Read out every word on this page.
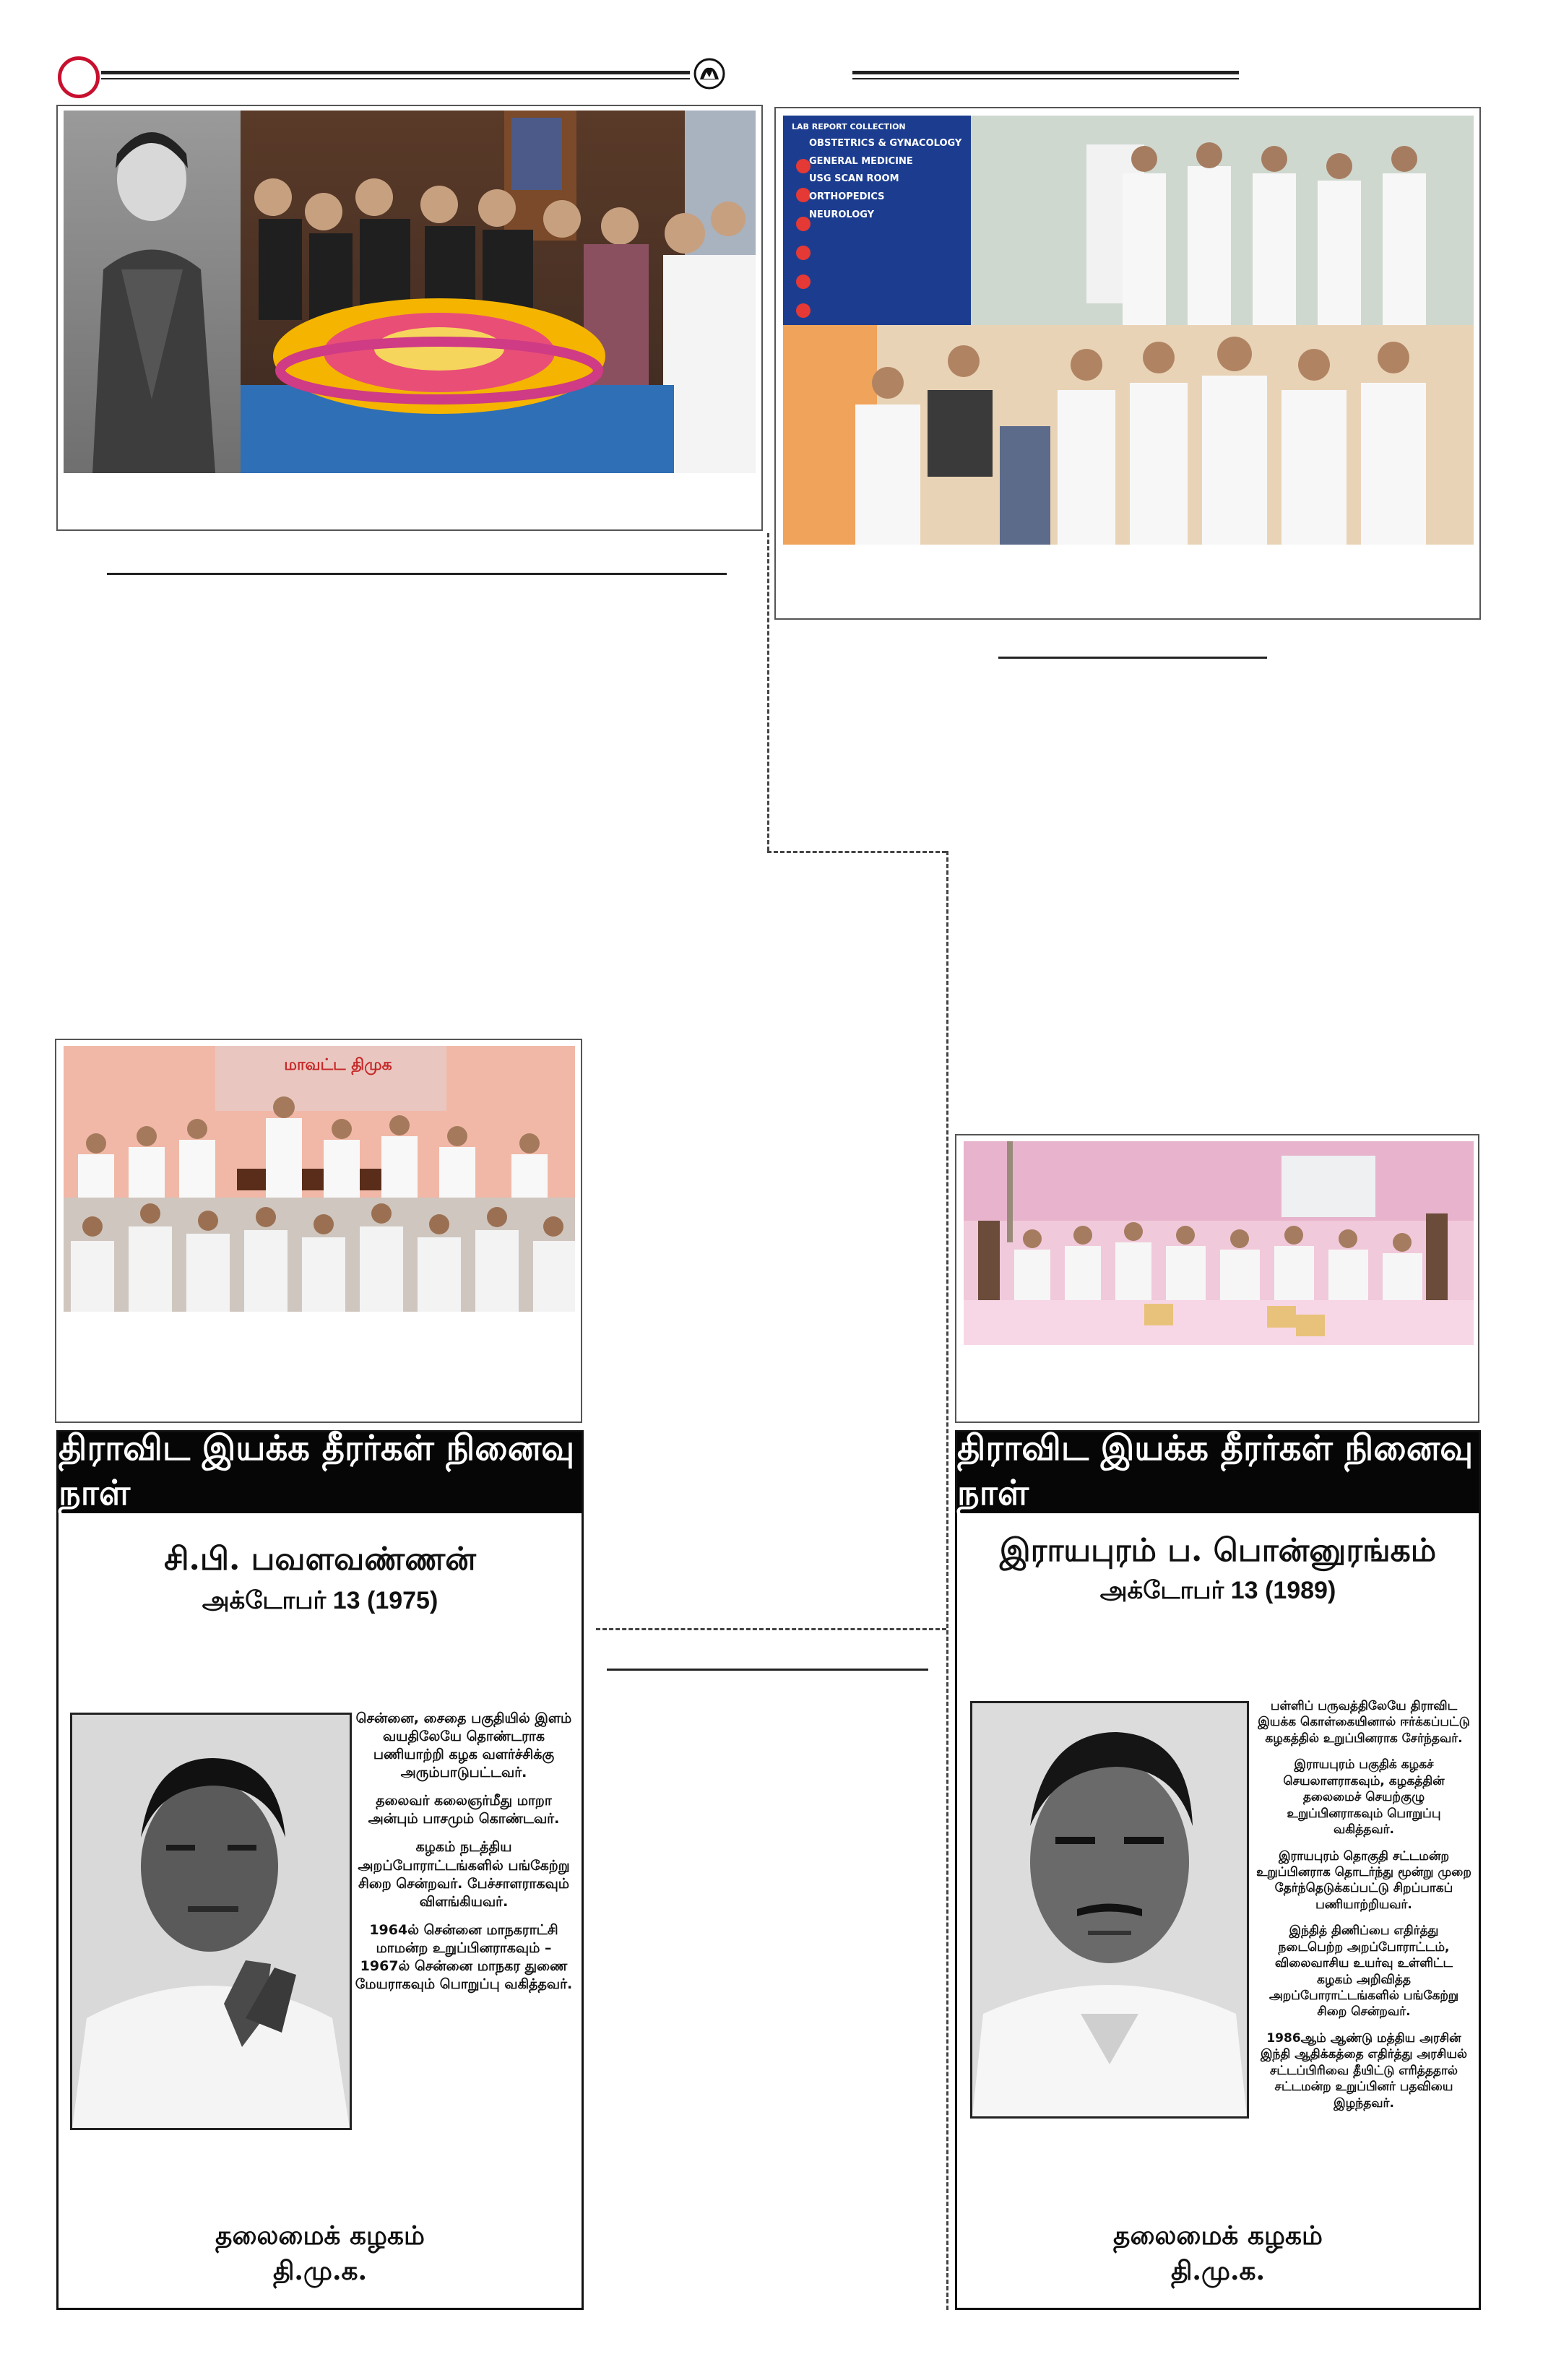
LAB REPORT COLLECTION
OBSTETRICS & GYNACOLOGY
GENERAL MEDICINE
USG SCAN ROOM
ORTHOPEDICS
NEUROLOGY
மாவட்ட திமுக
திராவிட இயக்க தீரர்கள் நினைவு நாள்
சி.பி. பவளவண்ணன்
அக்டோபர் 13 (1975)

சென்னை, சைதை பகுதியில் இளம் வயதிலேயே தொண்டராக பணியாற்றி கழக வளர்ச்சிக்கு அரும்பாடுபட்டவர்.

தலைவர் கலைஞர்மீது மாறா அன்பும் பாசமும் கொண்டவர்.

கழகம் நடத்திய அறப்போராட்டங்களில் பங்கேற்று சிறை சென்றவர். பேச்சாளராகவும் விளங்கியவர்.

1964ல் சென்னை மாநகராட்சி மாமன்ற உறுப்பினராகவும் – 1967ல் சென்னை மாநகர துணை மேயராகவும் பொறுப்பு வகித்தவர்.

தலைமைக் கழகம்
தி.மு.க.
திராவிட இயக்க தீரர்கள் நினைவு நாள்
இராயபுரம் ப. பொன்னுரங்கம்
அக்டோபர் 13 (1989)

பள்ளிப் பருவத்திலேயே திராவிட இயக்க கொள்கையினால் ஈர்க்கப்பட்டு கழகத்தில் உறுப்பினராக சேர்ந்தவர்.

இராயபுரம் பகுதிக் கழகச் செயலாளராகவும், கழகத்தின் தலைமைச் செயற்குழு உறுப்பினராகவும் பொறுப்பு வகித்தவர்.

இராயபுரம் தொகுதி சட்டமன்ற உறுப்பினராக தொடர்ந்து மூன்று முறை தேர்ந்தெடுக்கப்பட்டு சிறப்பாகப் பணியாற்றியவர்.

இந்தித் திணிப்பை எதிர்த்து நடைபெற்ற அறப்போராட்டம், விலைவாசிய உயர்வு உள்ளிட்ட கழகம் அறிவித்த அறப்போராட்டங்களில் பங்கேற்று சிறை சென்றவர்.

1986ஆம் ஆண்டு மத்திய அரசின் இந்தி ஆதிக்கத்தை எதிர்த்து அரசியல் சட்டப்பிரிவை தீயிட்டு எரித்ததால் சட்டமன்ற உறுப்பினர் பதவியை இழந்தவர்.

தலைமைக் கழகம்
தி.மு.க.
